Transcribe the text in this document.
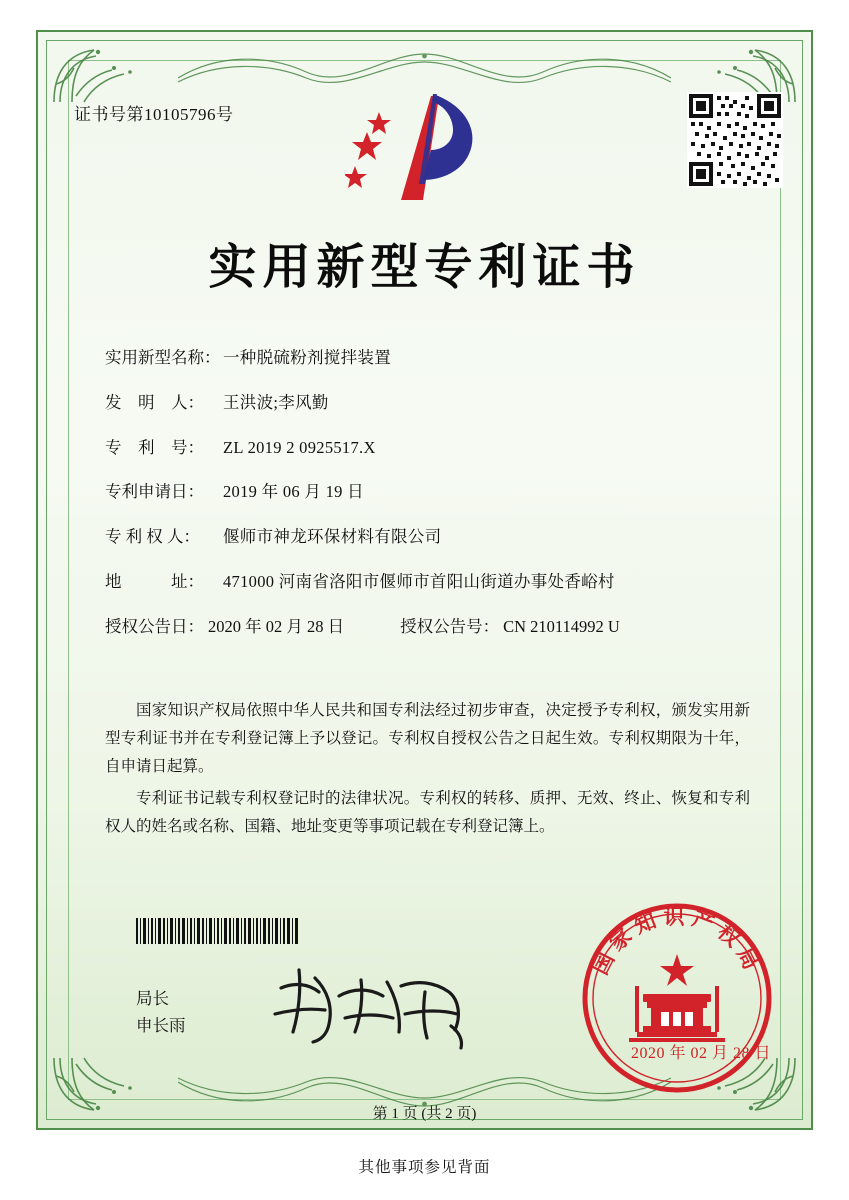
证书号第10105796号
实用新型专利证书
实用新型名称： 一种脱硫粉剂搅拌装置
发　明　人：	王洪波;李风勤
专　利　号：	ZL 2019 2 0925517.X
专利申请日：	2019 年 06 月 19 日
专 利 权 人：	偃师市神龙环保材料有限公司
地　　　址：	471000 河南省洛阳市偃师市首阳山街道办事处香峪村
授权公告日： 2020 年 02 月 28 日	授权公告号： CN 210114992 U

国家知识产权局依照中华人民共和国专利法经过初步审查，决定授予专利权，颁发实用新型专利证书并在专利登记簿上予以登记。专利权自授权公告之日起生效。专利权期限为十年，自申请日起算。

专利证书记载专利权登记时的法律状况。专利权的转移、质押、无效、终止、恢复和专利权人的姓名或名称、国籍、地址变更等事项记载在专利登记簿上。

局长
申长雨
国家知识产权局
2020 年 02 月 28 日
第 1 页 (共 2 页)
其他事项参见背面
